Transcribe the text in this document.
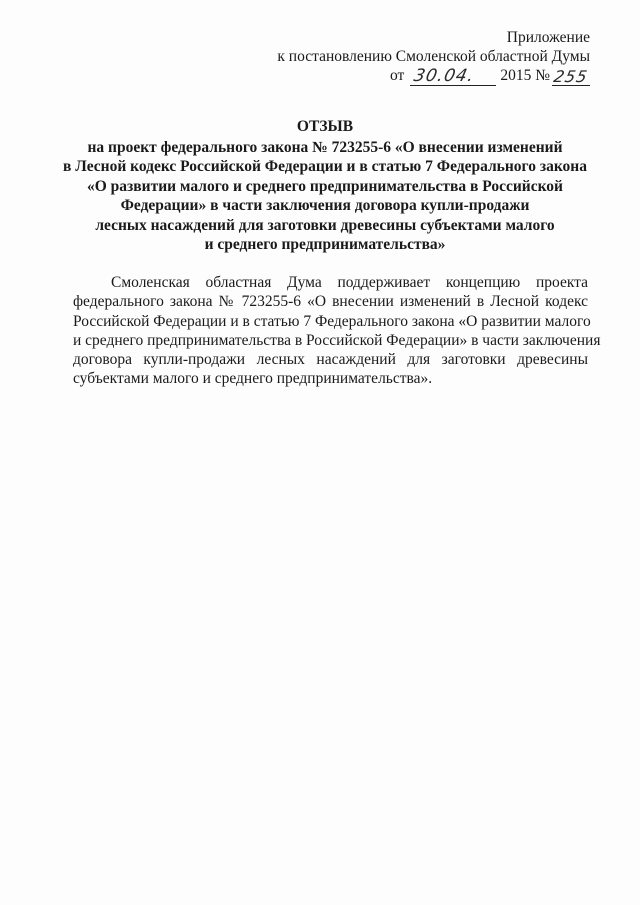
Приложение
к постановлению Смоленской областной Думы
от 30.04. 2015 № 255
ОТЗЫВ
на проект федерального закона № 723255-6 «О внесении изменений
в Лесной кодекс Российской Федерации и в статью 7 Федерального закона
«О развитии малого и среднего предпринимательства в Российской
Федерации» в части заключения договора купли-продажи
лесных насаждений для заготовки древесины субъектами малого
и среднего предпринимательства»
Смоленская областная Дума поддерживает концепцию проекта
федерального закона № 723255-6 «О внесении изменений в Лесной кодекс
Российской Федерации и в статью 7 Федерального закона «О развитии малого
и среднего предпринимательства в Российской Федерации» в части заключения
договора купли-продажи лесных насаждений для заготовки древесины
субъектами малого и среднего предпринимательства».
